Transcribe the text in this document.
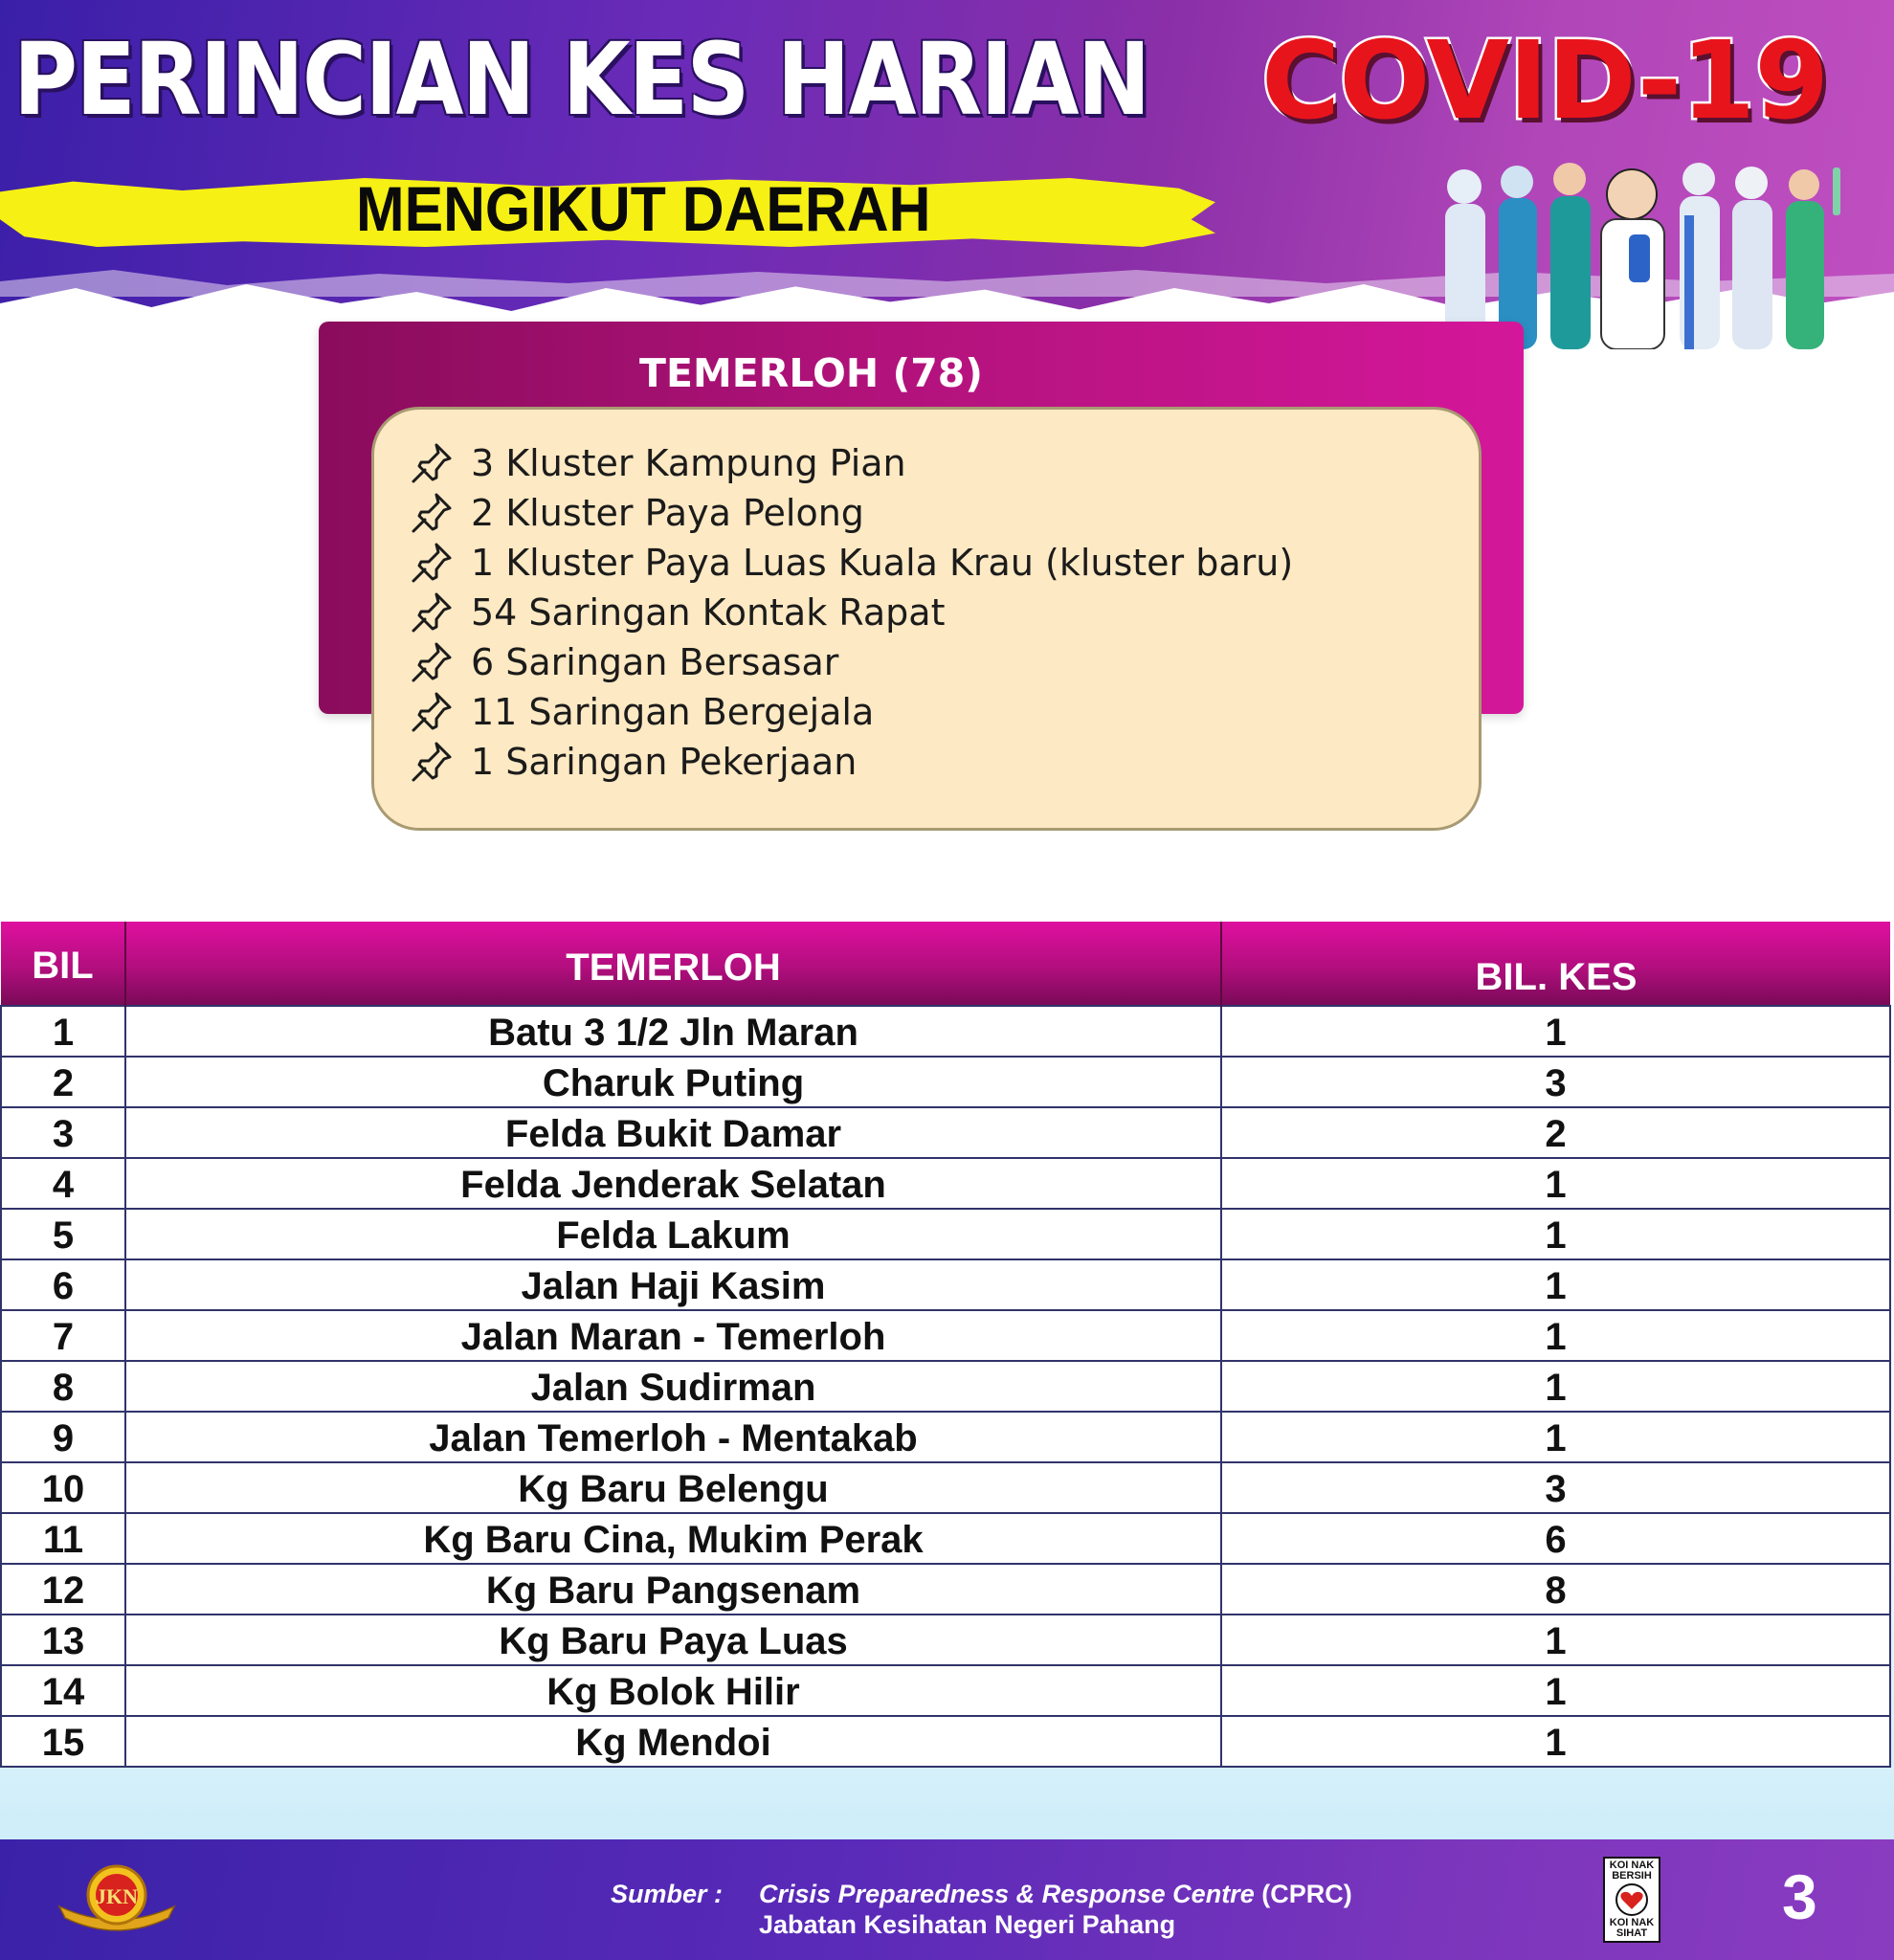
PERINCIAN KES HARIAN COVID-19
MENGIKUT DAERAH
TEMERLOH (78)
3 Kluster Kampung Pian
2 Kluster Paya Pelong
1 Kluster Paya Luas Kuala Krau (kluster baru)
54 Saringan Kontak Rapat
6 Saringan Bersasar
11 Saringan Bergejala
1 Saringan Pekerjaan
BIL	TEMERLOH	BIL. KES
1	Batu 3 1/2 Jln Maran	1
2	Charuk Puting	3
3	Felda Bukit Damar	2
4	Felda Jenderak Selatan	1
5	Felda Lakum	1
6	Jalan Haji Kasim	1
7	Jalan Maran - Temerloh	1
8	Jalan Sudirman	1
9	Jalan Temerloh - Mentakab	1
10	Kg Baru Belengu	3
11	Kg Baru Cina, Mukim Perak	6
12	Kg Baru Pangsenam	8
13	Kg Baru Paya Luas	1
14	Kg Bolok Hilir	1
15	Kg Mendoi	1
JKN	Sumber : Crisis Preparedness & Response Centre (CPRC)
Jabatan Kesihatan Negeri Pahang
KOI NAK BERSIH
KOI NAK SIHAT
3
